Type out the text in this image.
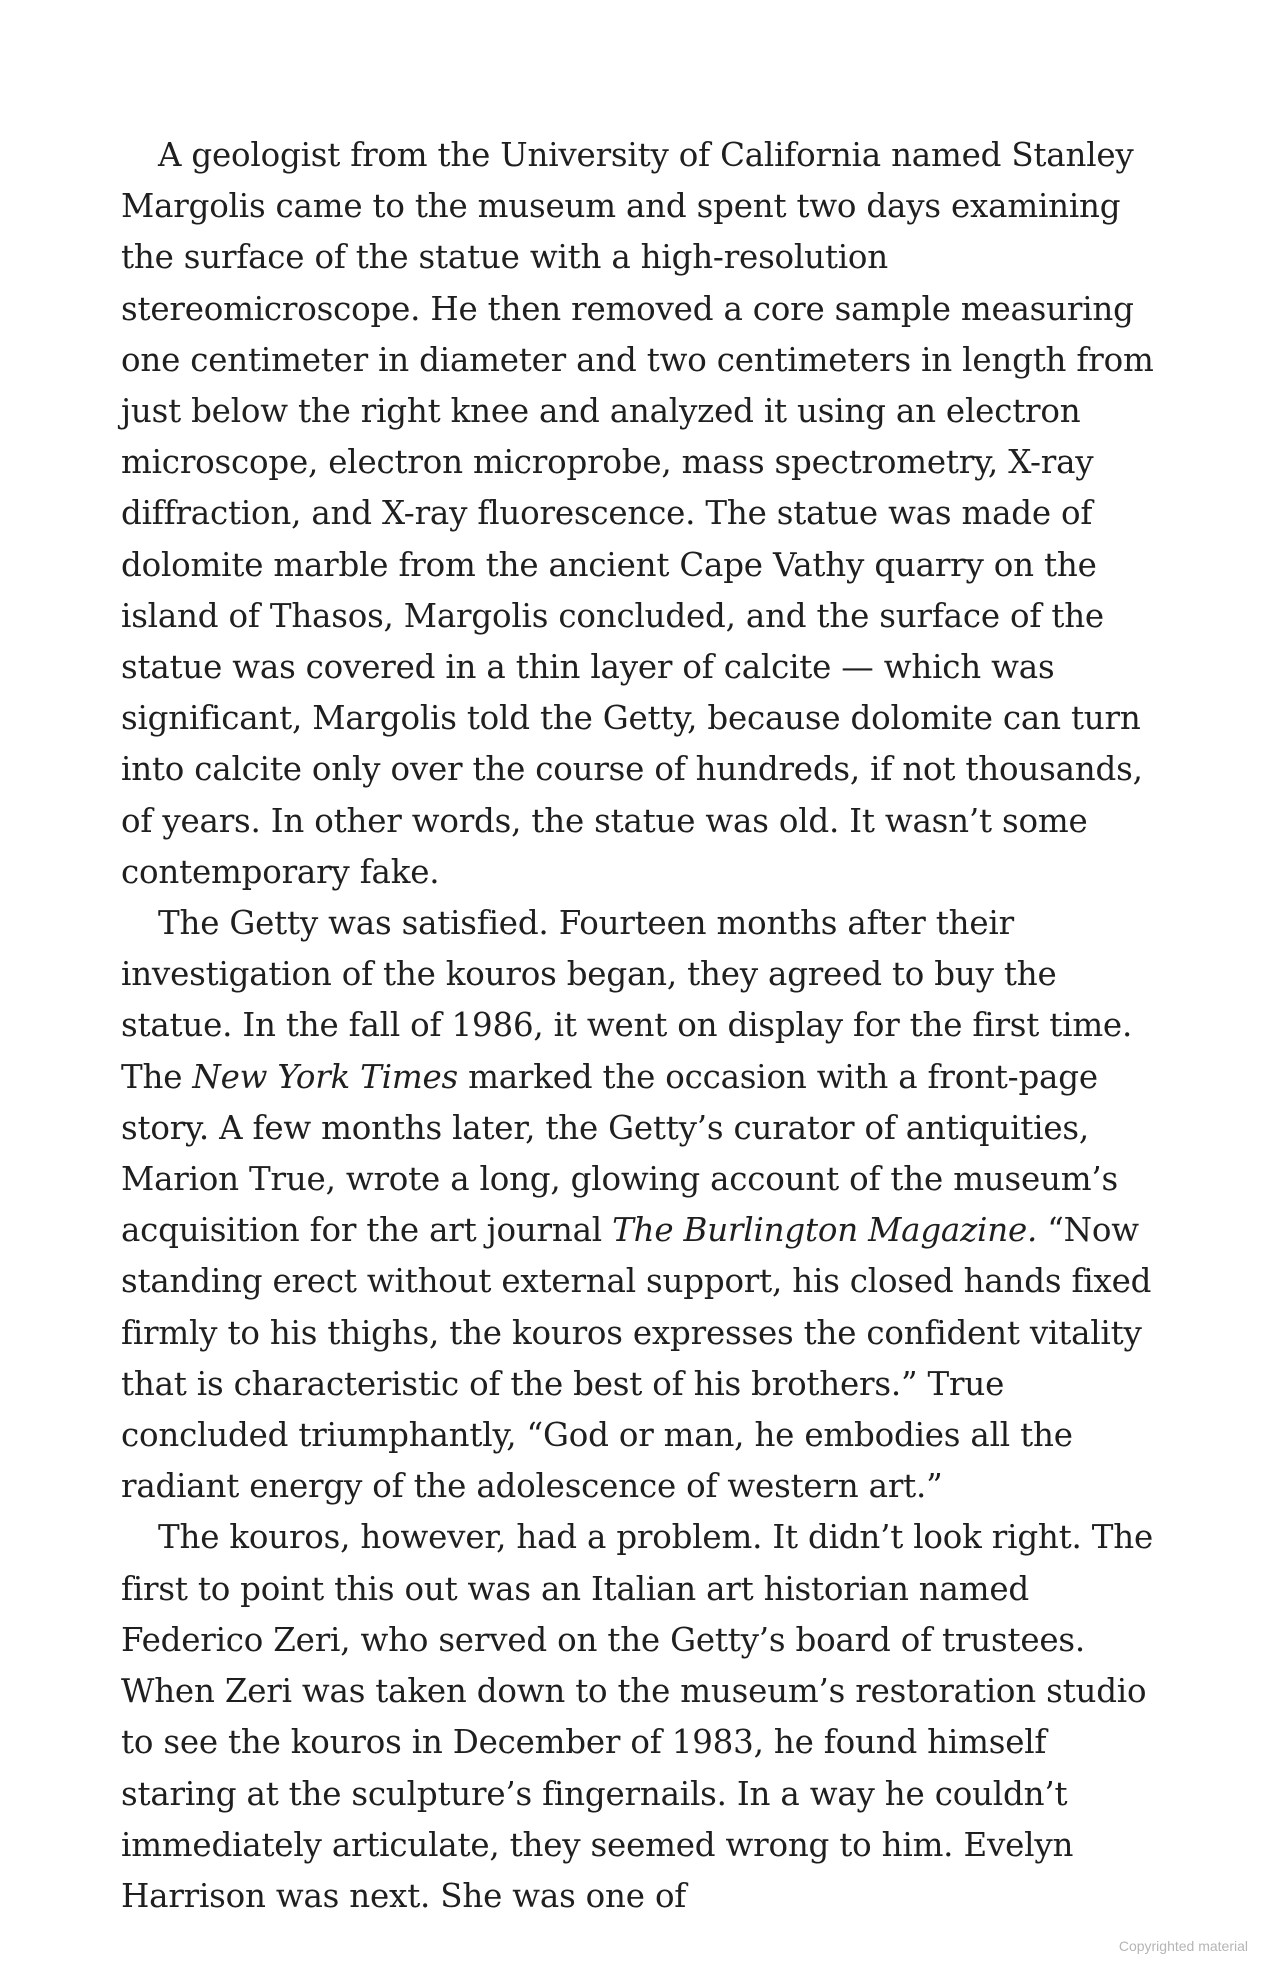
A geologist from the University of California named Stanley Margolis came to the museum and spent two days examining the surface of the statue with a high-resolution stereomicroscope. He then removed a core sample measuring one centimeter in diameter and two centimeters in length from just below the right knee and analyzed it using an electron microscope, electron microprobe, mass spectrometry, X-ray diffraction, and X-ray fluorescence. The statue was made of dolomite marble from the ancient Cape Vathy quarry on the island of Thasos, Margolis concluded, and the surface of the statue was covered in a thin layer of calcite — which was significant, Margolis told the Getty, because dolomite can turn into calcite only over the course of hundreds, if not thousands, of years. In other words, the statue was old. It wasn’t some contemporary fake.

The Getty was satisfied. Fourteen months after their investigation of the kouros began, they agreed to buy the statue. In the fall of 1986, it went on display for the first time. The New York Times marked the occasion with a front-page story. A few months later, the Getty’s curator of antiquities, Marion True, wrote a long, glowing account of the museum’s acquisition for the art journal The Burlington Magazine. “Now standing erect without external support, his closed hands fixed firmly to his thighs, the kouros expresses the confident vitality that is characteristic of the best of his brothers.” True concluded triumphantly, “God or man, he embodies all the radiant energy of the adolescence of western art.”

The kouros, however, had a problem. It didn’t look right. The first to point this out was an Italian art historian named Federico Zeri, who served on the Getty’s board of trustees. When Zeri was taken down to the museum’s restoration studio to see the kouros in December of 1983, he found himself staring at the sculpture’s fingernails. In a way he couldn’t immediately articulate, they seemed wrong to him. Evelyn Harrison was next. She was one of

Copyrighted material
